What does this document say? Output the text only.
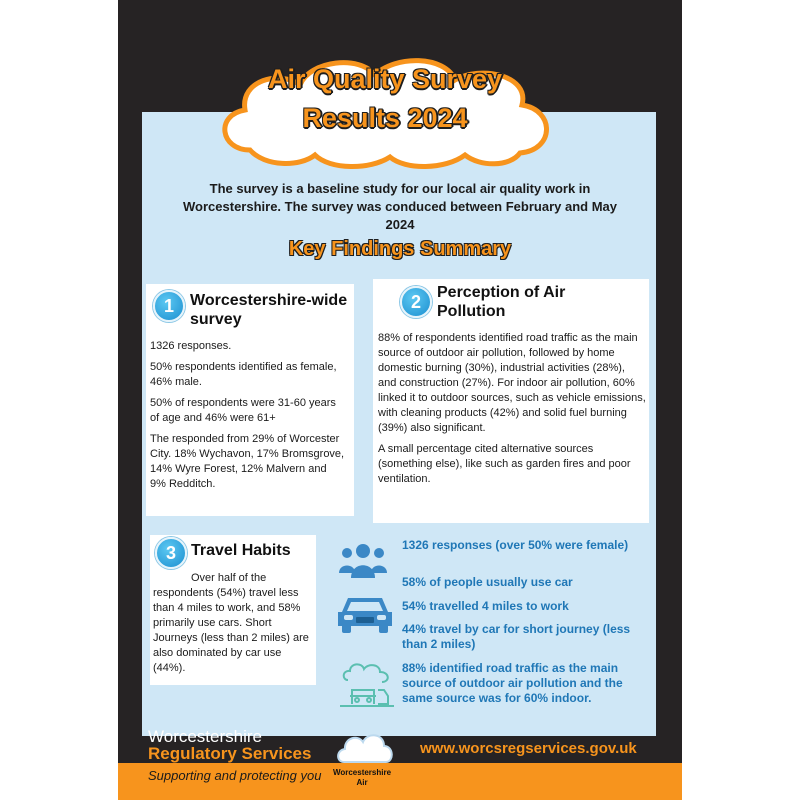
Air Quality Survey
Results 2024
The survey is a baseline study for our local air quality work in Worcestershire. The survey was conduced between February and May 2024
Key Findings Summary
1	Worcestershire-wide survey

1326 responses.

50% respondents identified as female, 46% male.

50% of respondents were 31-60 years of age and 46% were 61+

The responded from 29% of Worcester City. 18% Wychavon, 17% Bromsgrove, 14% Wyre Forest, 12% Malvern and 9% Redditch.

2	Perception of Air Pollution

88% of respondents identified road traffic as the main source of outdoor air pollution, followed by home domestic burning (30%), industrial activities (28%), and construction (27%). For indoor air pollution, 60% linked it to outdoor sources, such as vehicle emissions, with cleaning products (42%) and solid fuel burning (39%) also significant.

A small percentage cited alternative sources (something else), like such as garden fires and poor ventilation.

3 Travel Habits
Over half of the respondents (54%) travel less than 4 miles to work, and 58% primarily use cars. Short Journeys (less than 2 miles) are also dominated by car use (44%).
1326 responses (over 50% were female)
58% of people usually use car
54% travelled 4 miles to work
44% travel by car for short journey (less than 2 miles)
88% identified road traffic as the main source of outdoor air pollution and the same source was for 60% indoor.
Worcestershire
Regulatory Services
Supporting and protecting you	Worcestershire
Air
www.worcsregservices.gov.uk
